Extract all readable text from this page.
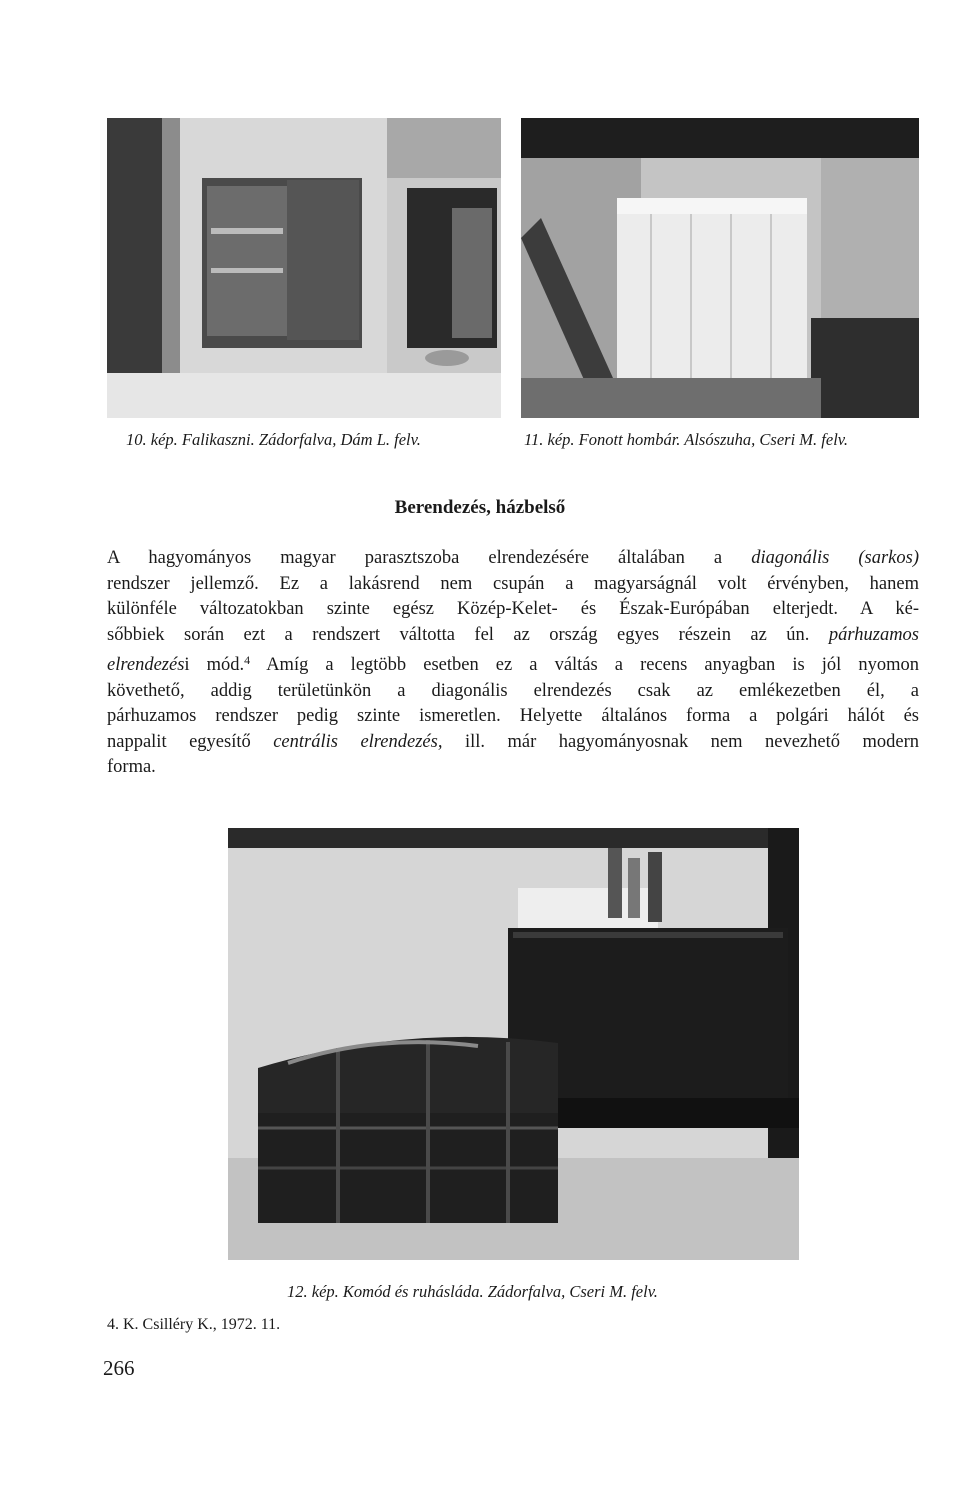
10. kép. Falikaszni. Zádorfalva, Dám L. felv.	11. kép. Fonott hombár. Alsószuha, Cseri M. felv.
Berendezés, házbelső
A hagyományos magyar parasztszoba elrendezésére általában a diagonális (sarkos)
rendszer jellemző. Ez a lakásrend nem csupán a magyarságnál volt érvényben, hanem
különféle változatokban szinte egész Közép-Kelet- és Észak-Európában elterjedt. A ké-
sőbbiek során ezt a rendszert váltotta fel az ország egyes részein az ún. párhuzamos
elrendezési mód.$^4$ Amíg a legtöbb esetben ez a váltás a recens anyagban is jól nyomon
követhető, addig területünkön a diagonális elrendezés csak az emlékezetben él, a
párhuzamos rendszer pedig szinte ismeretlen. Helyette általános forma a polgári hálót és
nappalit egyesítő centrális elrendezés, ill. már hagyományosnak nem nevezhető modern
forma.
12. kép. Komód és ruhásláda. Zádorfalva, Cseri M. felv.
4. K. Csilléry K., 1972. 11.
266
